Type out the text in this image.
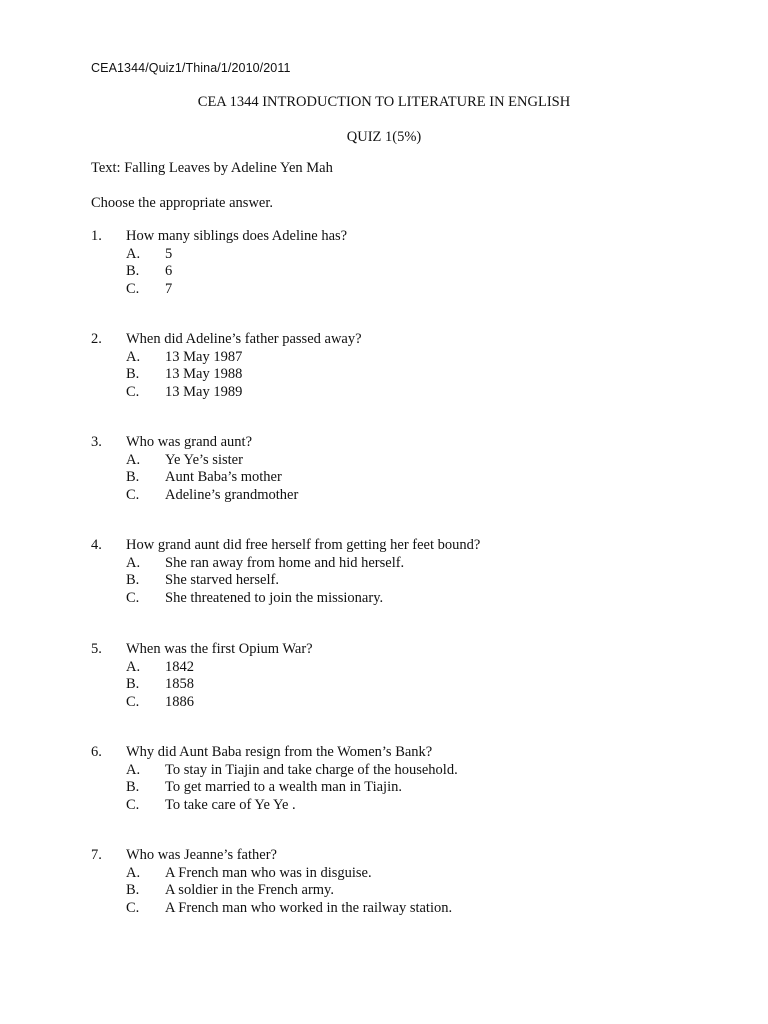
CEA1344/Quiz1/Thina/1/2010/2011

CEA 1344 INTRODUCTION TO LITERATURE IN ENGLISH
QUIZ 1(5%)

Text: Falling Leaves by Adeline Yen Mah

Choose the appropriate answer.

1. How many siblings does Adeline has?
A. 5
B. 6
C. 7
2. When did Adeline’s father passed away?
A. 13 May 1987
B. 13 May 1988
C. 13 May 1989
3. Who was grand aunt?
A. Ye Ye’s sister
B. Aunt Baba’s mother
C. Adeline’s grandmother
4. How grand aunt did free herself from getting her feet bound?
A. She ran away from home and hid herself.
B. She starved herself.
C. She threatened to join the missionary.
5. When was the first Opium War?
A. 1842
B. 1858
C. 1886
6. Why did Aunt Baba resign from the Women’s Bank?
A. To stay in Tiajin and take charge of the household.
B. To get married to a wealth man in Tiajin.
C. To take care of Ye Ye .
7. Who was Jeanne’s father?
A. A French man who was in disguise.
B. A soldier in the French army.
C. A French man who worked in the railway station.
